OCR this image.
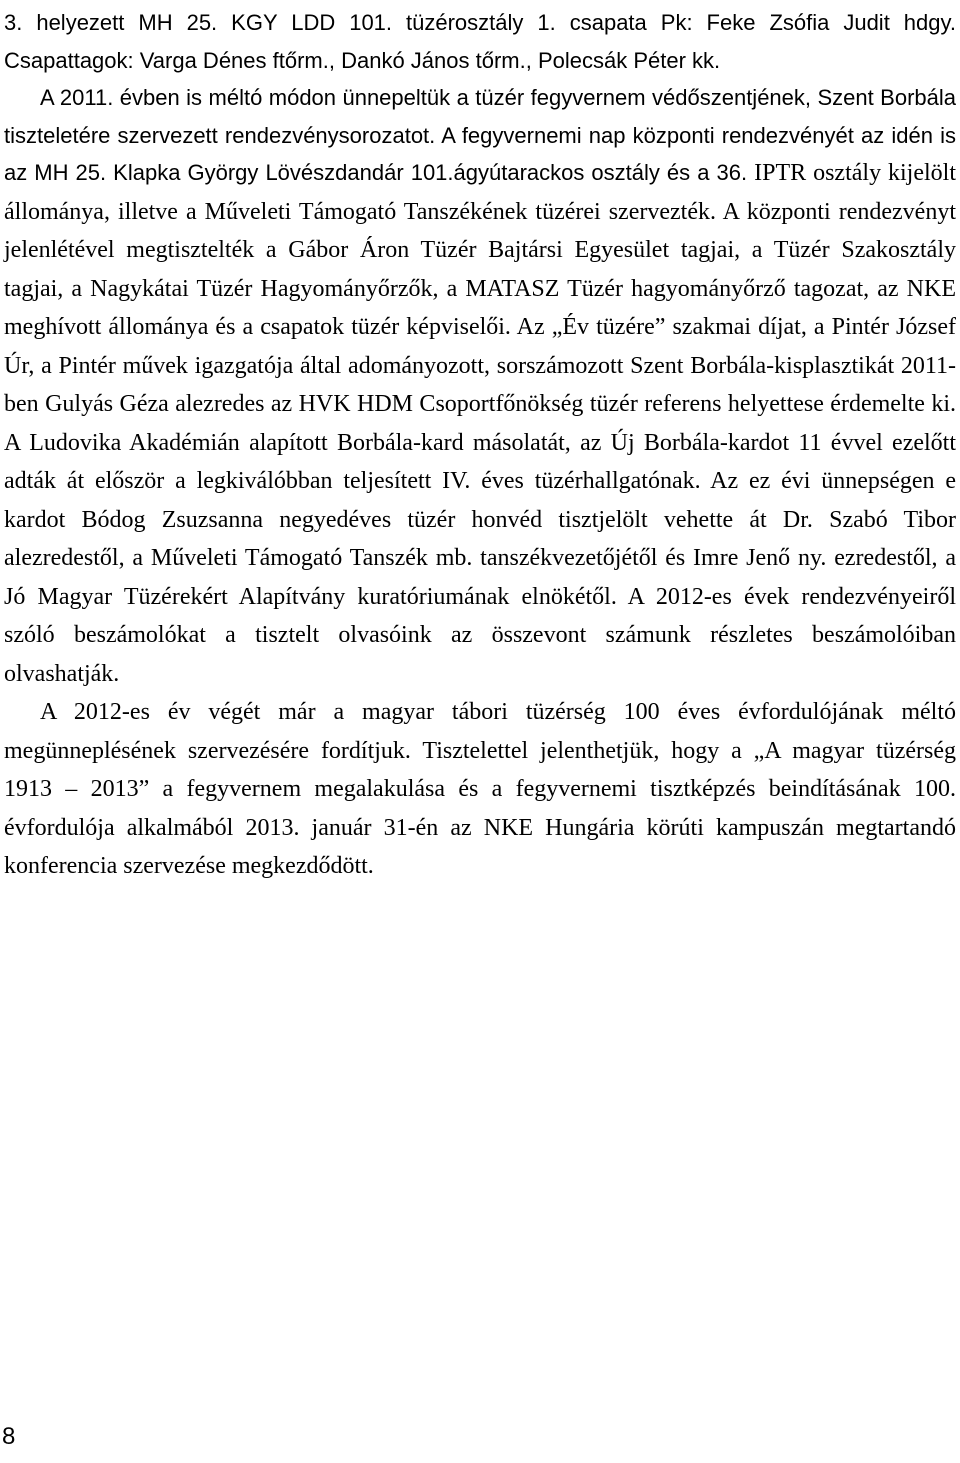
3. helyezett MH 25. KGY LDD 101. tüzérosztály 1. csapata Pk: Feke Zsófia Judit hdgy. Csapattagok: Varga Dénes ftőrm., Dankó János tőrm., Polecsák Péter kk.

A 2011. évben is méltó módon ünnepeltük a tüzér fegyvernem védőszentjének, Szent Borbála tiszteletére szervezett rendezvénysorozatot. A fegyvernemi nap központi rendezvényét az idén is az MH 25. Klapka György Lövészdandár 101.ágyútarackos osztály és a 36. IPTR osztály kijelölt állománya, illetve a Műveleti Támogató Tanszékének tüzérei szervezték. A központi rendezvényt jelenlétével megtisztelték a Gábor Áron Tüzér Bajtársi Egyesület tagjai, a Tüzér Szakosztály tagjai, a Nagykátai Tüzér Hagyományőrzők, a MATASZ Tüzér hagyományőrző tagozat, az NKE meghívott állománya és a csapatok tüzér képviselői. Az „Év tüzére” szakmai díjat, a Pintér József Úr, a Pintér művek igazgatója által adományozott, sorszámozott Szent Borbála-kisplasztikát 2011-ben Gulyás Géza alezredes az HVK HDM Csoportfőnökség tüzér referens helyettese érdemelte ki. A Ludovika Akadémián alapított Borbála-kard másolatát, az Új Borbála-kardot 11 évvel ezelőtt adták át először a legkiválóbban teljesített IV. éves tüzérhallgatónak. Az ez évi ünnepségen e kardot Bódog Zsuzsanna negyedéves tüzér honvéd tisztjelölt vehette át Dr. Szabó Tibor alezredestől, a Műveleti Támogató Tanszék mb. tanszékvezetőjétől és Imre Jenő ny. ezredestől, a Jó Magyar Tüzérekért Alapítvány kuratóriumának elnökétől. A 2012-es évek rendezvényeiről szóló beszámolókat a tisztelt olvasóink az összevont számunk részletes beszámolóiban olvashatják.

A 2012-es év végét már a magyar tábori tüzérség 100 éves évfordulójának méltó megünneplésének szervezésére fordítjuk. Tisztelettel jelenthetjük, hogy a „A magyar tüzérség 1913 – 2013” a fegyvernem megalakulása és a fegyvernemi tisztképzés beindításának 100. évfordulója alkalmából 2013. január 31-én az NKE Hungária körúti kampuszán megtartandó konferencia szervezése megkezdődött.

8
